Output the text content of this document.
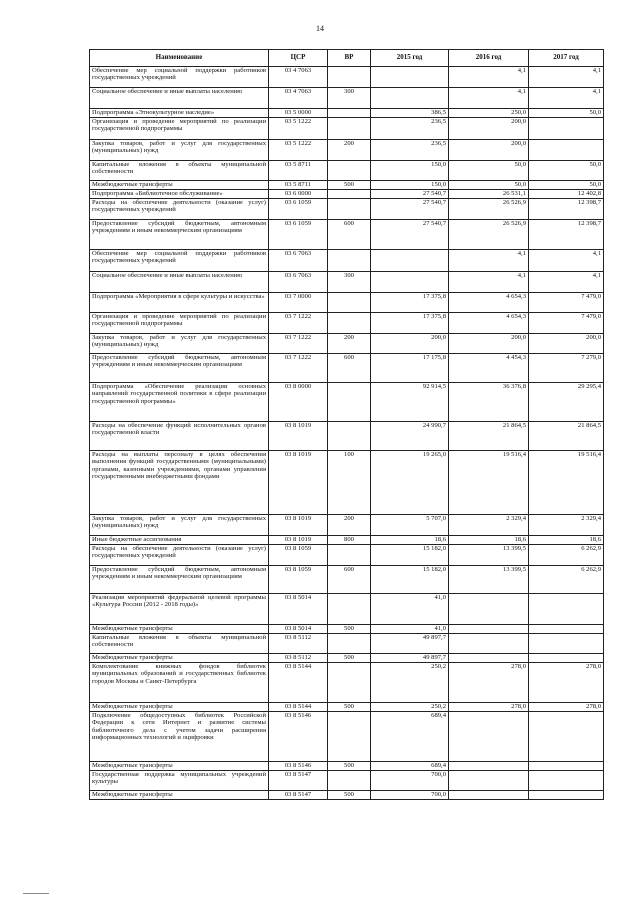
14
Наименование	ЦСР	ВР	2015 год	2016 год	2017 год
Обеспечение мер социальной поддержки работников государственных учреждений	03 4 7063			4,1	4,1
Социальное обеспечение и иные выплаты населению	03 4 7063	300		4,1	4,1
Подпрограмма «Этнокультурное наследие»	03 5 0000		386,5	250,0	50,0
Организация и проведение мероприятий по реализации государственной подпрограммы	03 5 1222		236,5	200,0	
Закупка товаров, работ и услуг для государственных (муниципальных) нужд	03 5 1222	200	236,5	200,0	
Капитальные вложения в объекты муниципальной собственности	03 5 8711		150,0	50,0	50,0
Межбюджетные трансферты	03 5 8711	500	150,0	50,0	50,0
Подпрограмма «Библиотечное обслуживание»	03 6 0000		27 540,7	26 531,1	12 402,8
Расходы на обеспечение деятельности (оказание услуг) государственных учреждений	03 6 1059		27 540,7	26 526,9	12 398,7
Предоставление субсидий бюджетным, автономным учреждениям и иным некоммерческим организациям	03 6 1059	600	27 540,7	26 526,9	12 398,7
Обеспечение мер социальной поддержки работников государственных учреждений	03 6 7063			4,1	4,1
Социальное обеспечение и иные выплаты населению	03 6 7063	300		4,1	4,1
Подпрограмма «Мероприятия в сфере культуры и искусства»	03 7 0000		17 375,8	4 654,3	7 479,0
Организация и проведение мероприятий по реализации государственной подпрограммы	03 7 1222		17 375,8	4 654,3	7 479,0
Закупка товаров, работ и услуг для государственных (муниципальных) нужд	03 7 1222	200	200,0	200,0	200,0
Предоставление субсидий бюджетным, автономным учреждениям и иным некоммерческим организациям	03 7 1222	600	17 175,8	4 454,3	7 279,0
Подпрограмма «Обеспечение реализации основных направлений государственной политики в сфере реализации государственной программы»	03 8 0000		92 914,5	36 376,8	29 295,4
Расходы на обеспечение функций исполнительных органов государственной власти	03 8 1019		24 990,7	21 864,5	21 864,5
Расходы на выплаты персоналу в целях обеспечения выполнения функций государственными (муниципальными) органами, казенными учреждениями, органами управления государственными внебюджетными фондами	03 8 1019	100	19 265,0	19 516,4	19 516,4
Закупка товаров, работ и услуг для государственных (муниципальных) нужд	03 8 1019	200	5 707,0	2 329,4	2 329,4
Иные бюджетные ассигнования	03 8 1019	800	18,6	18,6	18,6
Расходы на обеспечение деятельности (оказание услуг) государственных учреждений	03 8 1059		15 182,0	13 399,5	6 262,9
Предоставление субсидий бюджетным, автономным учреждениям и иным некоммерческим организациям	03 8 1059	600	15 182,0	13 399,5	6 262,9
Реализация мероприятий федеральной целевой программы «Культура России (2012 - 2018 годы)»	03 8 5014		41,0		
Межбюджетные трансферты	03 8 5014	500	41,0		
Капитальные вложения в объекты муниципальной собственности	03 8 5112		49 897,7		
Межбюджетные трансферты	03 8 5112	500	49 897,7		
Комплектование книжных фондов библиотек муниципальных образований и государственных библиотек городов Москвы и Санкт-Петербурга	03 8 5144		250,2	278,0	278,0
Межбюджетные трансферты	03 8 5144	500	250,2	278,0	278,0
Подключение общедоступных библиотек Российской Федерации к сети Интернет и развитие системы библиотечного дела с учетом задачи расширения информационных технологий и оцифровки	03 8 5146		689,4		
Межбюджетные трансферты	03 8 5146	500	689,4		
Государственная поддержка муниципальных учреждений культуры	03 8 5147		700,0		
Межбюджетные трансферты	03 8 5147	500	700,0		
